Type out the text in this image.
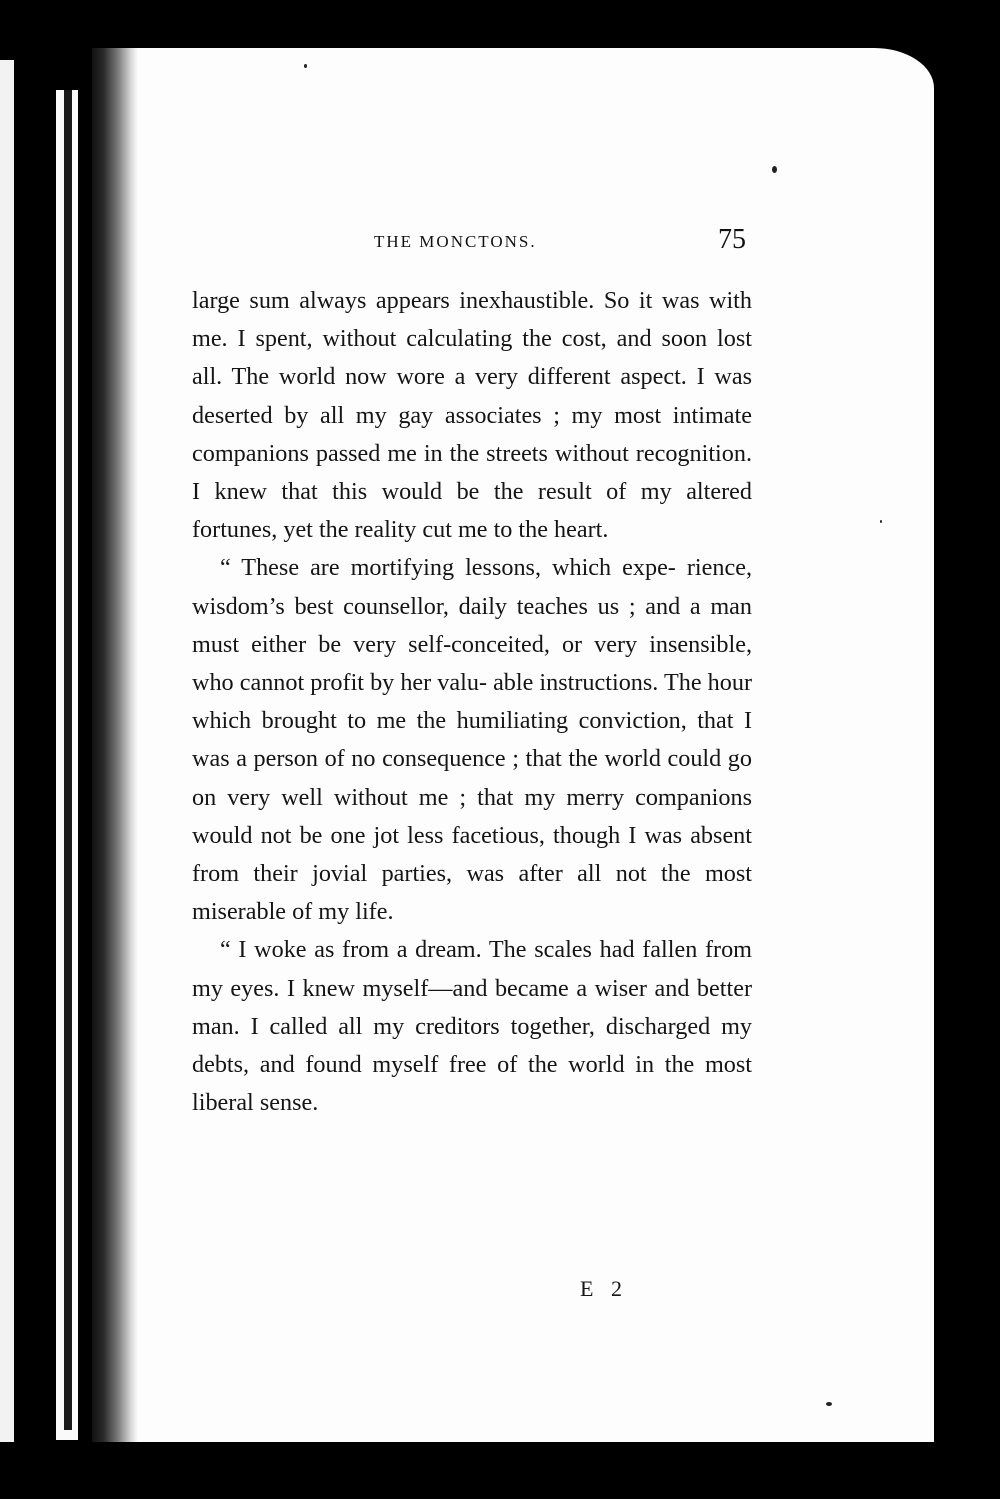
THE MONCTONS.	75

large sum always appears inexhaustible. So it was with me. I spent, without calculating the cost, and soon lost all. The world now wore a very different aspect. I was deserted by all my gay associates ; my most intimate companions passed me in the streets without recognition. I knew that this would be the result of my altered fortunes, yet the reality cut me to the heart.

“ These are mortifying lessons, which expe- rience, wisdom’s best counsellor, daily teaches us ; and a man must either be very self-conceited, or very insensible, who cannot profit by her valu- able instructions. The hour which brought to me the humiliating conviction, that I was a person of no consequence ; that the world could go on very well without me ; that my merry companions would not be one jot less facetious, though I was absent from their jovial parties, was after all not the most miserable of my life.

“ I woke as from a dream. The scales had fallen from my eyes. I knew myself—and became a wiser and better man. I called all my creditors together, discharged my debts, and found myself free of the world in the most liberal sense.

E 2
